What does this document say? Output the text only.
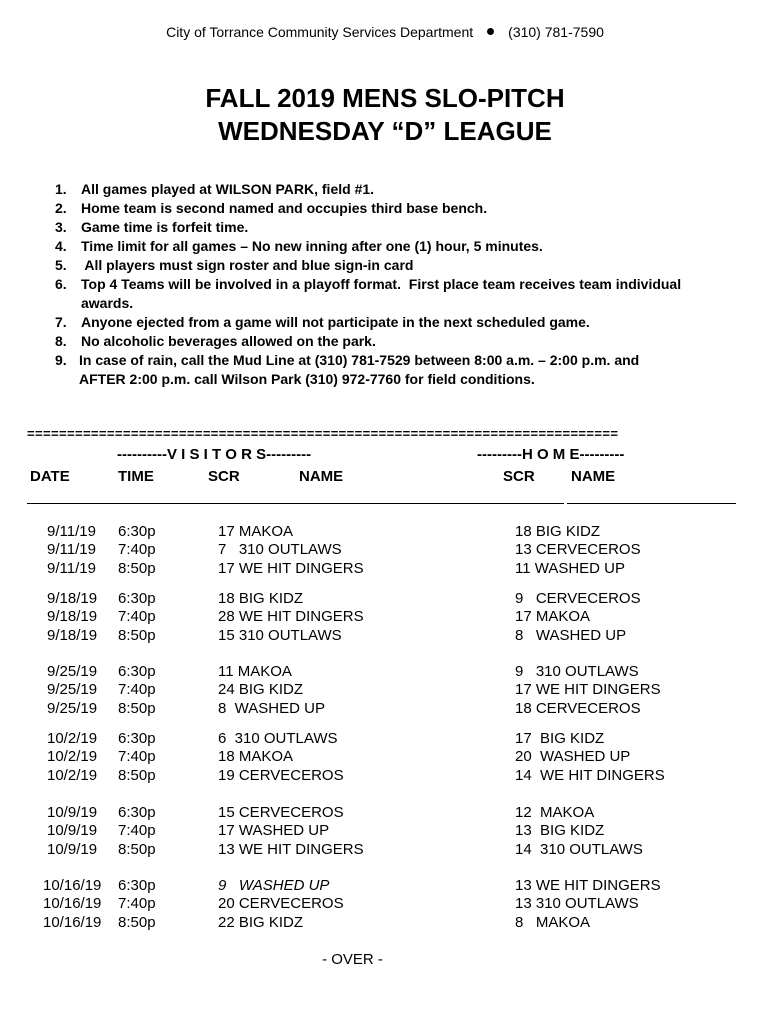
City of Torrance Community Services Department	(310) 781-7590
FALL 2019 MENS SLO-PITCH
WEDNESDAY “D” LEAGUE
1. All games played at WILSON PARK, field #1.
2. Home team is second named and occupies third base bench.
3. Game time is forfeit time.
4. Time limit for all games – No new inning after one (1) hour, 5 minutes.
5. All players must sign roster and blue sign-in card
6. Top 4 Teams will be involved in a playoff format.  First place team receives team individual
awards.
7. Anyone ejected from a game will not participate in the next scheduled game.
8. No alcoholic beverages allowed on the park.
9. In case of rain, call the Mud Line at (310) 781-7529 between 8:00 a.m. – 2:00 p.m. and
AFTER 2:00 p.m. call Wilson Park (310) 972-7760 for field conditions.
==========================================================================
----------V I S I T O R S---------	---------H O M E---------
DATE	TIME	SCR	NAME	SCR NAME
9/11/19 6:30p	17 MAKOA	18 BIG KIDZ
9/11/19 7:40p	7   310 OUTLAWS	13 CERVECEROS
9/11/19 8:50p	17 WE HIT DINGERS	11 WASHED UP
9/18/19 6:30p	18 BIG KIDZ	9   CERVECEROS
9/18/19 7:40p	28 WE HIT DINGERS	17 MAKOA
9/18/19 8:50p	15 310 OUTLAWS	8   WASHED UP
9/25/19 6:30p	11 MAKOA	9   310 OUTLAWS
9/25/19 7:40p	24 BIG KIDZ	17 WE HIT DINGERS
9/25/19 8:50p	8  WASHED UP	18 CERVECEROS
10/2/19 6:30p	6  310 OUTLAWS	17  BIG KIDZ
10/2/19 7:40p	18 MAKOA	20  WASHED UP
10/2/19 8:50p	19 CERVECEROS	14  WE HIT DINGERS
10/9/19 6:30p	15 CERVECEROS	12  MAKOA
10/9/19 7:40p	17 WASHED UP	13  BIG KIDZ
10/9/19 8:50p	13 WE HIT DINGERS	14  310 OUTLAWS
10/16/19 6:30p	9   WASHED UP	13 WE HIT DINGERS
10/16/19 7:40p	20 CERVECEROS	13 310 OUTLAWS
10/16/19 8:50p	22 BIG KIDZ	8   MAKOA
- OVER -
